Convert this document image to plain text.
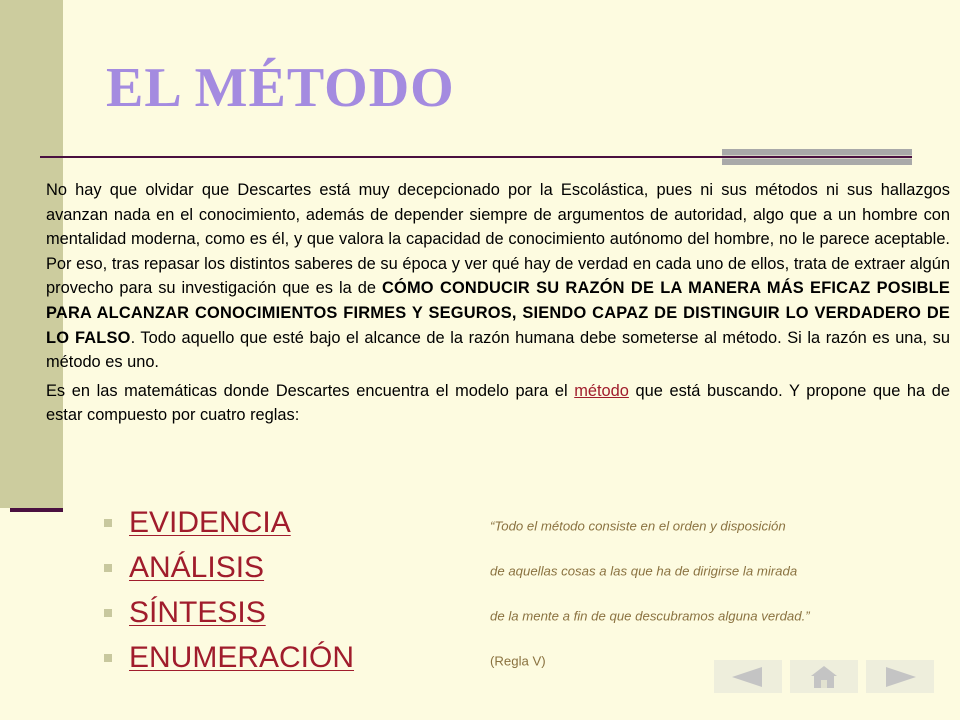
EL MÉTODO

No hay que olvidar que Descartes está muy decepcionado por la Escolástica, pues ni sus métodos ni sus hallazgos avanzan nada en el conocimiento, además de depender siempre de argumentos de autoridad, algo que a un hombre con mentalidad moderna, como es él, y que valora la capacidad de conocimiento autónomo del hombre, no le parece aceptable. Por eso, tras repasar los distintos saberes de su época y ver qué hay de verdad en cada uno de ellos, trata de extraer algún provecho para su investigación que es la de CÓMO CONDUCIR SU RAZÓN DE LA MANERA MÁS EFICAZ POSIBLE PARA ALCANZAR CONOCIMIENTOS FIRMES Y SEGUROS, SIENDO CAPAZ DE DISTINGUIR LO VERDADERO DE LO FALSO. Todo aquello que esté bajo el alcance de la razón humana debe someterse al método. Si la razón es una, su método es uno.

Es en las matemáticas donde Descartes encuentra el modelo para el método que está buscando. Y propone que ha de estar compuesto por cuatro reglas:

EVIDENCIA	“Todo el método consiste en el orden y disposición
ANÁLISIS	de aquellas cosas a las que ha de dirigirse la mirada
SÍNTESIS	de la mente a fin de que descubramos alguna verdad.”
ENUMERACIÓN	(Regla V)
